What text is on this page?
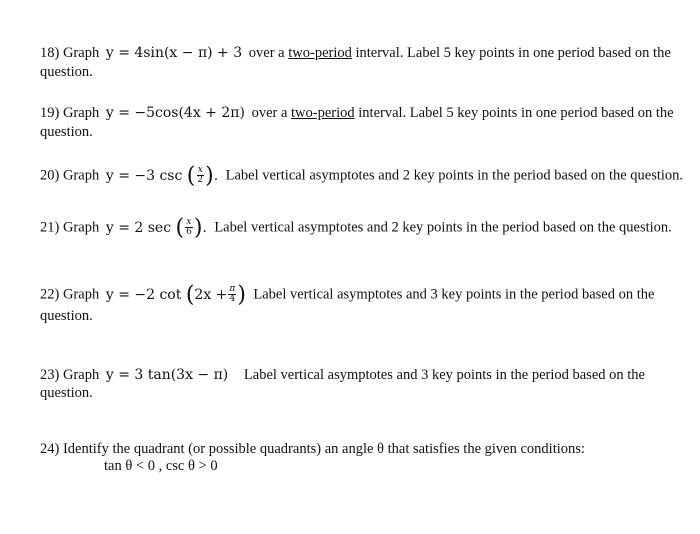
18) Graph y = 4sin(x − π) + 3 over a two-period interval. Label 5 key points in one period based on the
question.
19) Graph y = −5cos(4x + 2π) over a two-period interval. Label 5 key points in one period based on the
question.
20) Graph y = −3 csc ( $\frac{x}{2}$ ). Label vertical asymptotes and 2 key points in the period based on the question.
21) Graph y = 2 sec ( $\frac{x}{6}$ ). Label vertical asymptotes and 2 key points in the period based on the question.
22) Graph y = −2 $\cot (2x + \frac{\pi}{4}$ ) Label vertical asymptotes and 3 key points in the period based on the
question.
23) Graph y = 3 tan(3x − π) Label vertical asymptotes and 3 key points in the period based on the
question.
24) Identify the quadrant (or possible quadrants) an angle θ that satisfies the given conditions:
tan θ < 0 , csc θ > 0
